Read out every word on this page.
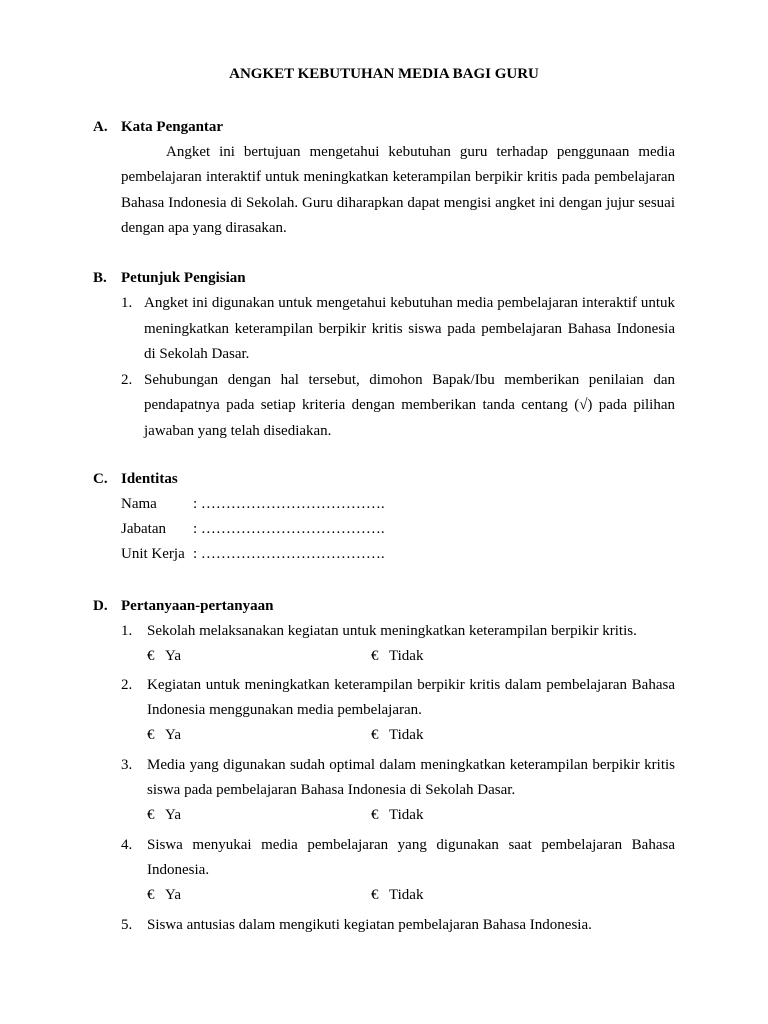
ANGKET KEBUTUHAN MEDIA BAGI GURU
A. Kata Pengantar
Angket ini bertujuan mengetahui kebutuhan guru terhadap penggunaan media pembelajaran interaktif untuk meningkatkan keterampilan berpikir kritis pada pembelajaran Bahasa Indonesia di Sekolah. Guru diharapkan dapat mengisi angket ini dengan jujur sesuai dengan apa yang dirasakan.
B. Petunjuk Pengisian
1. Angket ini digunakan untuk mengetahui kebutuhan media pembelajaran interaktif untuk meningkatkan keterampilan berpikir kritis siswa pada pembelajaran Bahasa Indonesia di Sekolah Dasar.
2. Sehubungan dengan hal tersebut, dimohon Bapak/Ibu memberikan penilaian dan pendapatnya pada setiap kriteria dengan memberikan tanda centang (√) pada pilihan jawaban yang telah disediakan.
C. Identitas
Nama	: ……………………………….
Jabatan	: ……………………………….
Unit Kerja : ……………………………….
D. Pertanyaan-pertanyaan
1. Sekolah melaksanakan kegiatan untuk meningkatkan keterampilan berpikir kritis.
€ Ya	€ Tidak
2. Kegiatan untuk meningkatkan keterampilan berpikir kritis dalam pembelajaran Bahasa Indonesia menggunakan media pembelajaran.
€ Ya	€ Tidak
3. Media yang digunakan sudah optimal dalam meningkatkan keterampilan berpikir kritis siswa pada pembelajaran Bahasa Indonesia di Sekolah Dasar.
€ Ya	€ Tidak
4. Siswa menyukai media pembelajaran yang digunakan saat pembelajaran Bahasa Indonesia.
€ Ya	€ Tidak
5. Siswa antusias dalam mengikuti kegiatan pembelajaran Bahasa Indonesia.
